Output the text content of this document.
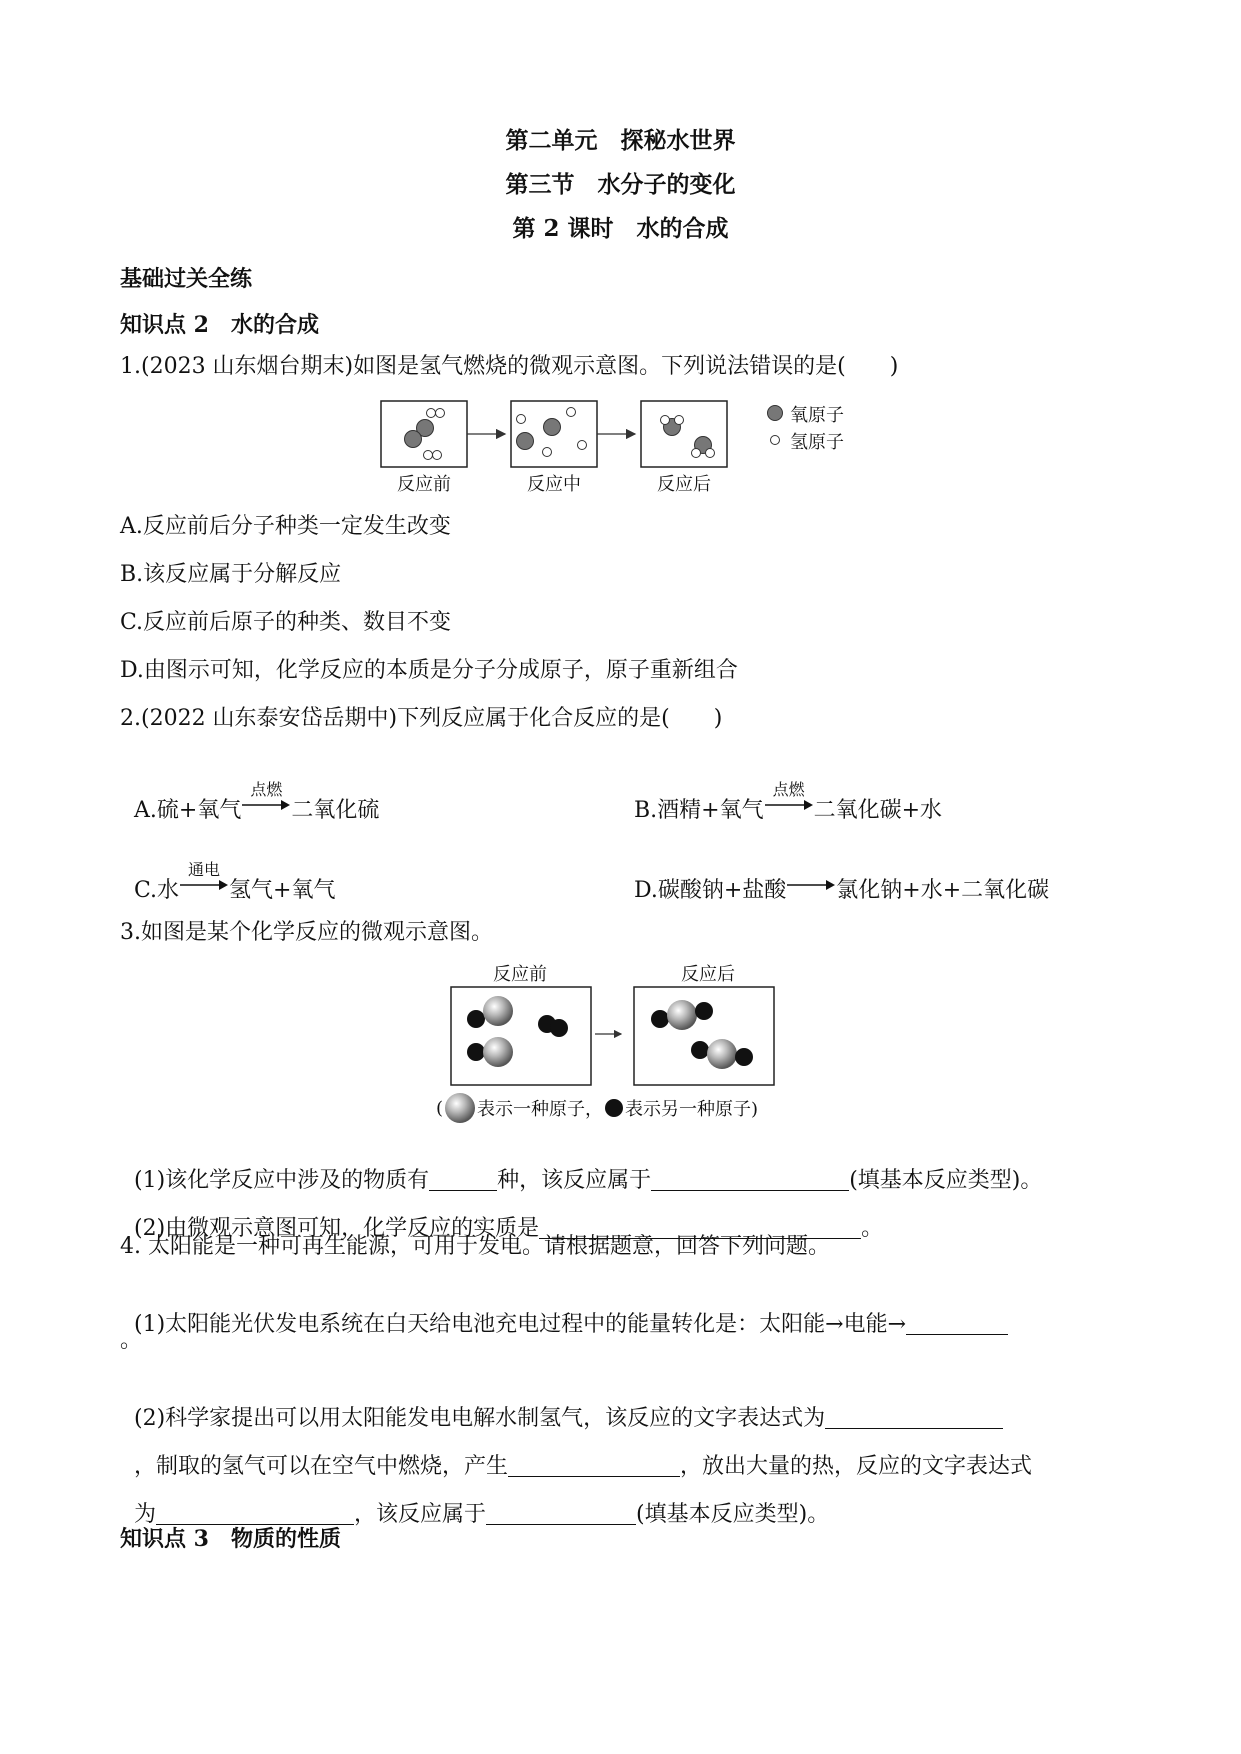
第二单元　探秘水世界
第三节　水分子的变化
第 2 课时　水的合成
基础过关全练
知识点 2　水的合成
1.(2023 山东烟台期末)如图是氢气燃烧的微观示意图。下列说法错误的是(　　)
反应前	反应中	反应后
氧原子
氢原子
A.反应前后分子种类一定发生改变
B.该反应属于分解反应
C.反应前后原子的种类、数目不变
D.由图示可知，化学反应的本质是分子分成原子，原子重新组合
2.(2022 山东泰安岱岳期中)下列反应属于化合反应的是(　　)

A.硫+氧气
点燃
二氧化硫	B.酒精+氧气
点燃
二氧化碳+水

C.水
通电
氢气+氧气	D.碳酸钠+盐酸 氯化钠+水+二氧化碳

3.如图是某个化学反应的微观示意图。
反应前	反应后
( 表示一种原子， 表示另一种原子)

(1)该化学反应中涉及的物质有	种，该反应属于	(填基本反应类型)。

(2)由微观示意图可知，化学反应的实质是	。

4. 太阳能是一种可再生能源，可用于发电。请根据题意，回答下列问题。

(1)太阳能光伏发电系统在白天给电池充电过程中的能量转化是：太阳能→电能→

。

(2)科学家提出可以用太阳能发电电解水制氢气，该反应的文字表达式为

，制取的氢气可以在空气中燃烧，产生	，放出大量的热，反应的文字表达式

为	，该反应属于	(填基本反应类型)。

知识点 3　物质的性质
